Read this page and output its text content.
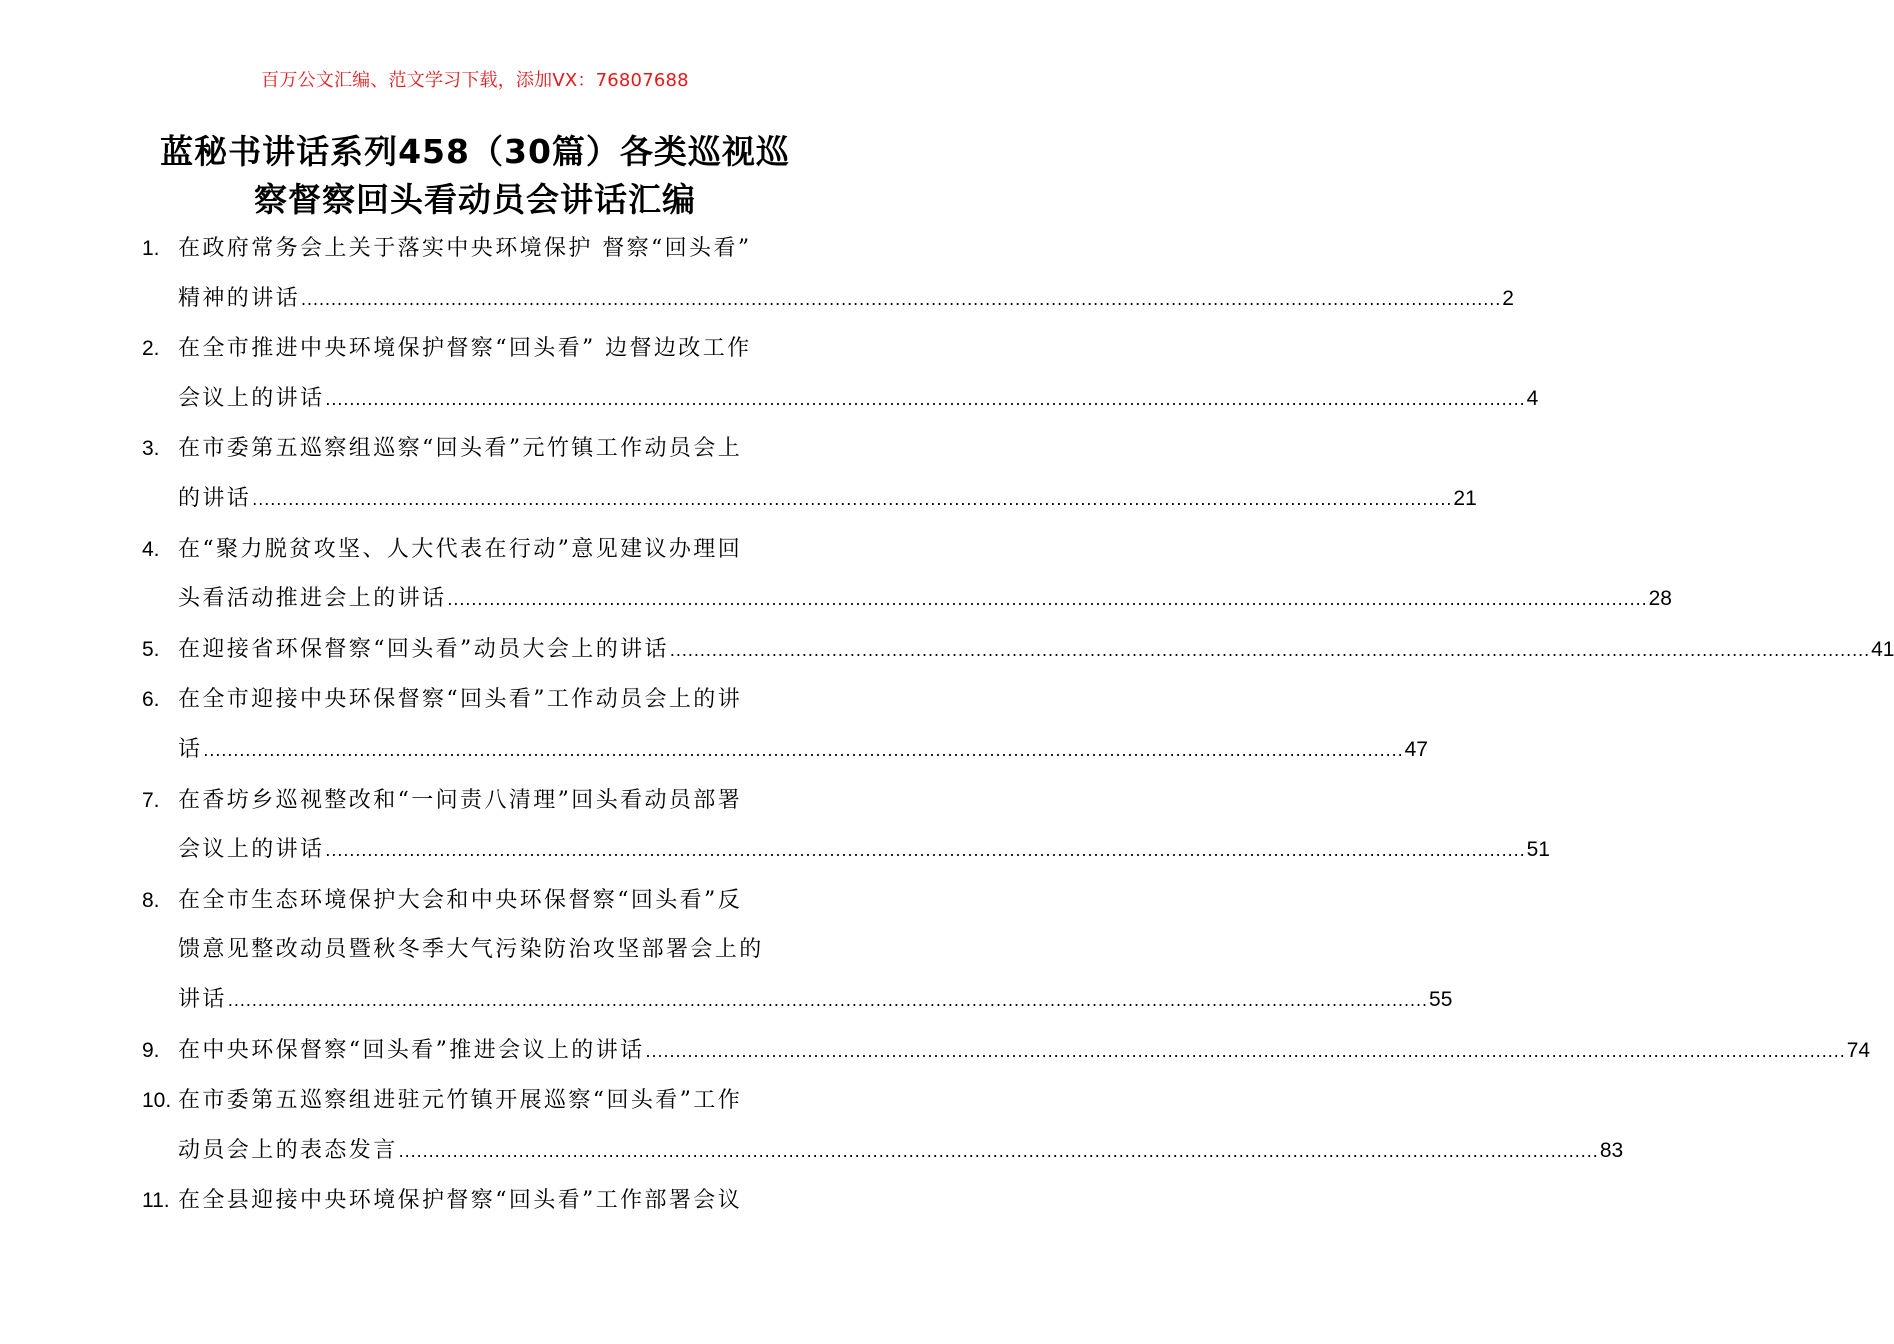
百万公文汇编、范文学习下载，添加VX：76807688
蓝秘书讲话系列458（30篇）各类巡视巡
察督察回头看动员会讲话汇编
1. 在政府常务会上关于落实中央环境保护 督察“回头看”
精神的讲话 ........................................................................................................................................................................................................ 2
2. 在全市推进中央环境保护督察“回头看” 边督边改工作
会议上的讲话 ........................................................................................................................................................................................................ 4
3. 在市委第五巡察组巡察“回头看”元竹镇工作动员会上
的讲话 ........................................................................................................................................................................................................ 21
4. 在“聚力脱贫攻坚、人大代表在行动”意见建议办理回
头看活动推进会上的讲话 ........................................................................................................................................................................................................ 28
5. 在迎接省环保督察“回头看”动员大会上的讲话 ........................................................................................................................................................................................................ 41
6. 在全市迎接中央环保督察“回头看”工作动员会上的讲
话 ........................................................................................................................................................................................................ 47
7. 在香坊乡巡视整改和“一问责八清理”回头看动员部署
会议上的讲话 ........................................................................................................................................................................................................ 51
8. 在全市生态环境保护大会和中央环保督察“回头看”反
馈意见整改动员暨秋冬季大气污染防治攻坚部署会上的
讲话 ........................................................................................................................................................................................................ 55
9. 在中央环保督察“回头看”推进会议上的讲话 ........................................................................................................................................................................................................ 74
10. 在市委第五巡察组进驻元竹镇开展巡察“回头看”工作
动员会上的表态发言 ........................................................................................................................................................................................................ 83
11. 在全县迎接中央环境保护督察“回头看”工作部署会议
